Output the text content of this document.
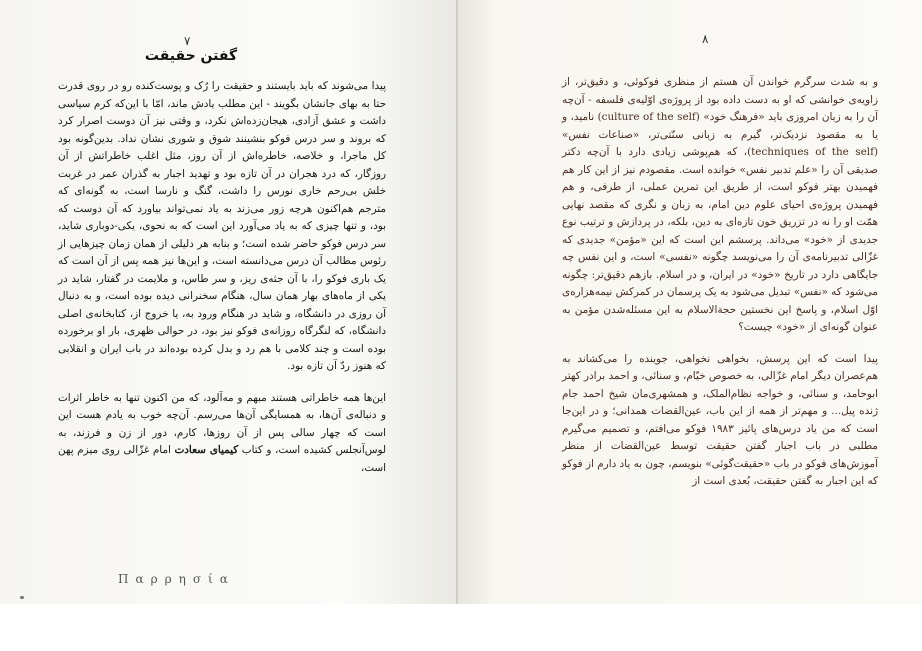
۷
گفتن حقیقت

پیدا می‌شوند که باید بایستند و حقیقت را رُک و پوست‌کنده رو در روی قدرت حتا به بهای جانشان بگویند - این مطلب یادش ماند، امّا با این‌که کرم سیاسی داشت و عشق آزادی، هیجان‌زده‌اش نکرد، و وقتی نیز آن دوست اصرار کرد که بروند و سر درس فوکو بنشینند شوق و شوری نشان نداد. بدین‌گونه بود کل ماجرا، و خلاصه، خاطره‌اش از آن روز، مثل اغلب خاطراتش از آن روزگار، که درد هجران در آن تازه بود و تهدید اجبار به گذران عمر در غربت خلش بی‌رحم خاری نورس را داشت، گنگ و نارسا است، به گونه‌ای که مترجم هم‌اکنون هرچه زور می‌زند به یاد نمی‌تواند بیاورد که آن دوست که بود، و تنها چیزی که به یاد می‌آورد این است که به نحوی، یکی-دوباری شاید، سر درس فوکو حاضر شده است؛ و بنابه هر دلیلی از همان زمان چیزهایی از رئوس مطالب آن درس می‌دانسته است، و این‌ها نیز همه پس از آن است که یک باری فوکو را، با آن جثه‌ی ریز، و سر طاس، و ملایمت در گفتار، شاید در یکی از ماه‌های بهار همان سال، هنگام سخنرانی دیده بوده است، و به دنبال آن روزی در دانشگاه، و شاید در هنگام ورود به، یا خروج از، کتابخانه‌ی اصلی دانشگاه، که لنگرگاه روزانه‌ی فوکو نیز بود، در حوالی ظهری، بار او برخورده بوده است و چند کلامی با هم رد و بدل کرده بوده‌اند در باب ایران و انقلابی که هنوز ردّ آن تازه بود.

این‌ها همه خاطراتی هستند مبهم و مه‌آلود، که من اکنون تنها به خاطر اثرات و دنباله‌ی آن‌ها، به همسایگی آن‌ها می‌رسم. آن‌چه خوب به یادم هست این است که چهار سالی پس از آن روزها، کارم، دور از زن و فرزند، به لوس‌آنجلس کشیده است، و کتاب کیمیای سعادت امام غزّالی روی میزم پهن است،

Παρρησία
۸

و به شدت سرگرم خواندن آن هستم از منظری فوکوئی، و دقیق‌تر، از زاویه‌ی خوانشی که او به دست داده بود از پروژه‌ی اوّلیه‌ی فلسفه - آن‌چه آن را به زبان امروزی باید «فرهنگ خود» (culture of the self) نامید، و یا به مقصود نزدیک‌تر، گیرم به زبانی سنّتی‌تر، «صناعات نفس» (techniques of the self)، که هم‌پوشی زیادی دارد با آن‌چه دکتر صدیقی آن را «علم تدبیر نفس» خوانده است. مقصودم نیز از این کار هم فهمیدن بهتر فوکو است، از طریق این تمرین عملی، از طرفی، و هم فهمیدن پروژه‌ی احیای علوم دین امام، به زبان و نگری که مقصد نهایی همّت او را نه در تزریق خون تازه‌ای به دین، بلکه، در پردازش و ترتیب نوع جدیدی از «خود» می‌داند. پرسشم این است که این «مؤمن» جدیدی که غزّالی تدبیرنامه‌ی آن را می‌نویسد چگونه «نفسی» است، و این نفس چه جایگاهی دارد در تاریخ «خود» در ایران، و در اسلام. بازهم دقیق‌تر: چگونه می‌شود که «نفس» تبدیل می‌شود به یک پرسمان در کمرکش نیمه‌هزاره‌ی اوّل اسلام، و پاسخ این نخستین حجةالاسلام به این مسئله‌شدن مؤمن به عنوان گونه‌ای از «خود» چیست؟

پیدا است که این پرسش، بخواهی نخواهی، جوینده را می‌کشاند به هم‌عصران دیگر امام غزّالی، به خصوص خیّام، و سنائی، و احمد برادر کهتر ابوحامد، و سنائی، و خواجه نظام‌الملک، و همشهری‌مان شیخ احمد جام ژنده پیل... و مهم‌تر از همه از این باب، عین‌القضات همدانی؛ و در این‌جا است که من یاد درس‌های پائیز ۱۹۸۳ فوکو می‌افتم، و تصمیم می‌گیرم مطلبی در باب اجبار گفتن حقیقت توسط عین‌القضات از منظر آموزش‌های فوکو در باب «حقیقت‌گوئی» بنویسم، چون به یاد دارم از فوکو که این اجبار به گفتن حقیقت، بُعدی است از
